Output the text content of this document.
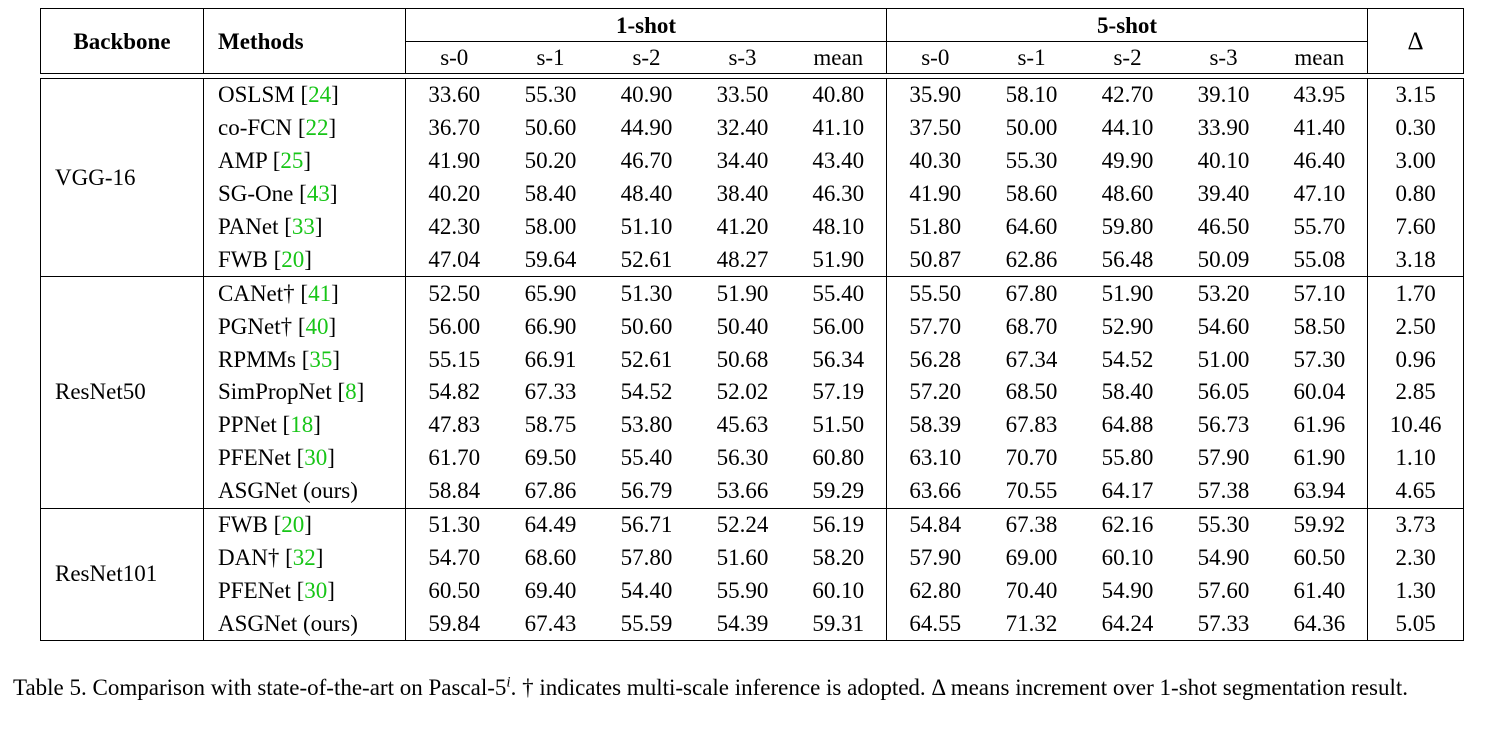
Backbone	Methods	1-shot					5-shot					Δ
		s-0	s-1	s-2	s-3	mean	s-0	s-1	s-2	s-3	mean	

VGG-16	OSLSM [24]	33.60	55.30	40.90	33.50	40.80	35.90	58.10	42.70	39.10	43.95	3.15
	co-FCN [22]	36.70	50.60	44.90	32.40	41.10	37.50	50.00	44.10	33.90	41.40	0.30
	AMP [25]	41.90	50.20	46.70	34.40	43.40	40.30	55.30	49.90	40.10	46.40	3.00
	SG-One [43]	40.20	58.40	48.40	38.40	46.30	41.90	58.60	48.60	39.40	47.10	0.80
	PANet [33]	42.30	58.00	51.10	41.20	48.10	51.80	64.60	59.80	46.50	55.70	7.60
	FWB [20]	47.04	59.64	52.61	48.27	51.90	50.87	62.86	56.48	50.09	55.08	3.18
ResNet50	CANet† [41]	52.50	65.90	51.30	51.90	55.40	55.50	67.80	51.90	53.20	57.10	1.70
	PGNet† [40]	56.00	66.90	50.60	50.40	56.00	57.70	68.70	52.90	54.60	58.50	2.50
	RPMMs [35]	55.15	66.91	52.61	50.68	56.34	56.28	67.34	54.52	51.00	57.30	0.96
	SimPropNet [8]	54.82	67.33	54.52	52.02	57.19	57.20	68.50	58.40	56.05	60.04	2.85
	PPNet [18]	47.83	58.75	53.80	45.63	51.50	58.39	67.83	64.88	56.73	61.96	10.46
	PFENet [30]	61.70	69.50	55.40	56.30	60.80	63.10	70.70	55.80	57.90	61.90	1.10
	ASGNet (ours)	58.84	67.86	56.79	53.66	59.29	63.66	70.55	64.17	57.38	63.94	4.65
ResNet101	FWB [20]	51.30	64.49	56.71	52.24	56.19	54.84	67.38	62.16	55.30	59.92	3.73
	DAN† [32]	54.70	68.60	57.80	51.60	58.20	57.90	69.00	60.10	54.90	60.50	2.30
	PFENet [30]	60.50	69.40	54.40	55.90	60.10	62.80	70.40	54.90	57.60	61.40	1.30
	ASGNet (ours)	59.84	67.43	55.59	54.39	59.31	64.55	71.32	64.24	57.33	64.36	5.05
Table 5. Comparison with state-of-the-art on Pascal-5$^i$. † indicates multi-scale inference is adopted. Δ means increment over 1-shot segmentation result.
